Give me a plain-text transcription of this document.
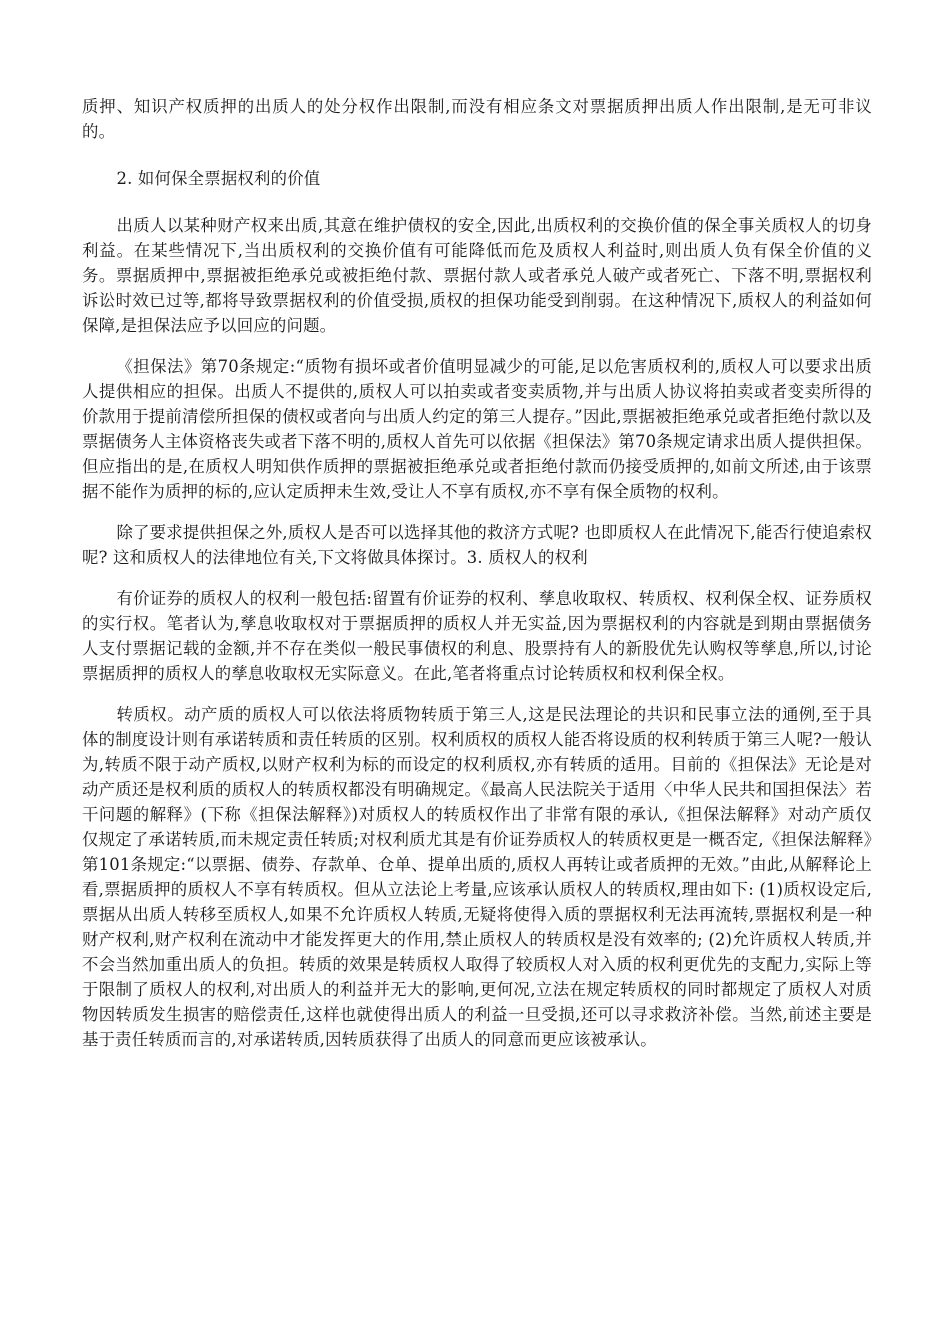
质押、知识产权质押的出质人的处分权作出限制,而没有相应条文对票据质押出质人作出限制,是无可非议的。

2. 如何保全票据权利的价值

出质人以某种财产权来出质,其意在维护债权的安全,因此,出质权利的交换价值的保全事关质权人的切身利益。在某些情况下,当出质权利的交换价值有可能降低而危及质权人利益时,则出质人负有保全价值的义务。票据质押中,票据被拒绝承兑或被拒绝付款、票据付款人或者承兑人破产或者死亡、下落不明,票据权利诉讼时效已过等,都将导致票据权利的价值受损,质权的担保功能受到削弱。在这种情况下,质权人的利益如何保障,是担保法应予以回应的问题。

《担保法》第70条规定:“质物有损坏或者价值明显减少的可能,足以危害质权利的,质权人可以要求出质人提供相应的担保。出质人不提供的,质权人可以拍卖或者变卖质物,并与出质人协议将拍卖或者变卖所得的价款用于提前清偿所担保的债权或者向与出质人约定的第三人提存。”因此,票据被拒绝承兑或者拒绝付款以及票据债务人主体资格丧失或者下落不明的,质权人首先可以依据《担保法》第70条规定请求出质人提供担保。但应指出的是,在质权人明知供作质押的票据被拒绝承兑或者拒绝付款而仍接受质押的,如前文所述,由于该票据不能作为质押的标的,应认定质押未生效,受让人不享有质权,亦不享有保全质物的权利。

除了要求提供担保之外,质权人是否可以选择其他的救济方式呢? 也即质权人在此情况下,能否行使追索权呢? 这和质权人的法律地位有关,下文将做具体探讨。3. 质权人的权利

有价证券的质权人的权利一般包括:留置有价证券的权利、孳息收取权、转质权、权利保全权、证券质权的实行权。笔者认为,孳息收取权对于票据质押的质权人并无实益,因为票据权利的内容就是到期由票据债务人支付票据记载的金额,并不存在类似一般民事债权的利息、股票持有人的新股优先认购权等孳息,所以,讨论票据质押的质权人的孳息收取权无实际意义。在此,笔者将重点讨论转质权和权利保全权。

转质权。动产质的质权人可以依法将质物转质于第三人,这是民法理论的共识和民事立法的通例,至于具体的制度设计则有承诺转质和责任转质的区别。权利质权的质权人能否将设质的权利转质于第三人呢?一般认为,转质不限于动产质权,以财产权利为标的而设定的权利质权,亦有转质的适用。目前的《担保法》无论是对动产质还是权利质的质权人的转质权都没有明确规定。《最高人民法院关于适用〈中华人民共和国担保法〉若干问题的解释》(下称《担保法解释》)对质权人的转质权作出了非常有限的承认,《担保法解释》对动产质仅仅规定了承诺转质,而未规定责任转质;对权利质尤其是有价证券质权人的转质权更是一概否定,《担保法解释》第101条规定:“以票据、债券、存款单、仓单、提单出质的,质权人再转让或者质押的无效。”由此,从解释论上看,票据质押的质权人不享有转质权。但从立法论上考量,应该承认质权人的转质权,理由如下: (1)质权设定后,票据从出质人转移至质权人,如果不允许质权人转质,无疑将使得入质的票据权利无法再流转,票据权利是一种财产权利,财产权利在流动中才能发挥更大的作用,禁止质权人的转质权是没有效率的; (2)允许质权人转质,并不会当然加重出质人的负担。转质的效果是转质权人取得了较质权人对入质的权利更优先的支配力,实际上等于限制了质权人的权利,对出质人的利益并无大的影响,更何况,立法在规定转质权的同时都规定了质权人对质物因转质发生损害的赔偿责任,这样也就使得出质人的利益一旦受损,还可以寻求救济补偿。当然,前述主要是基于责任转质而言的,对承诺转质,因转质获得了出质人的同意而更应该被承认。
